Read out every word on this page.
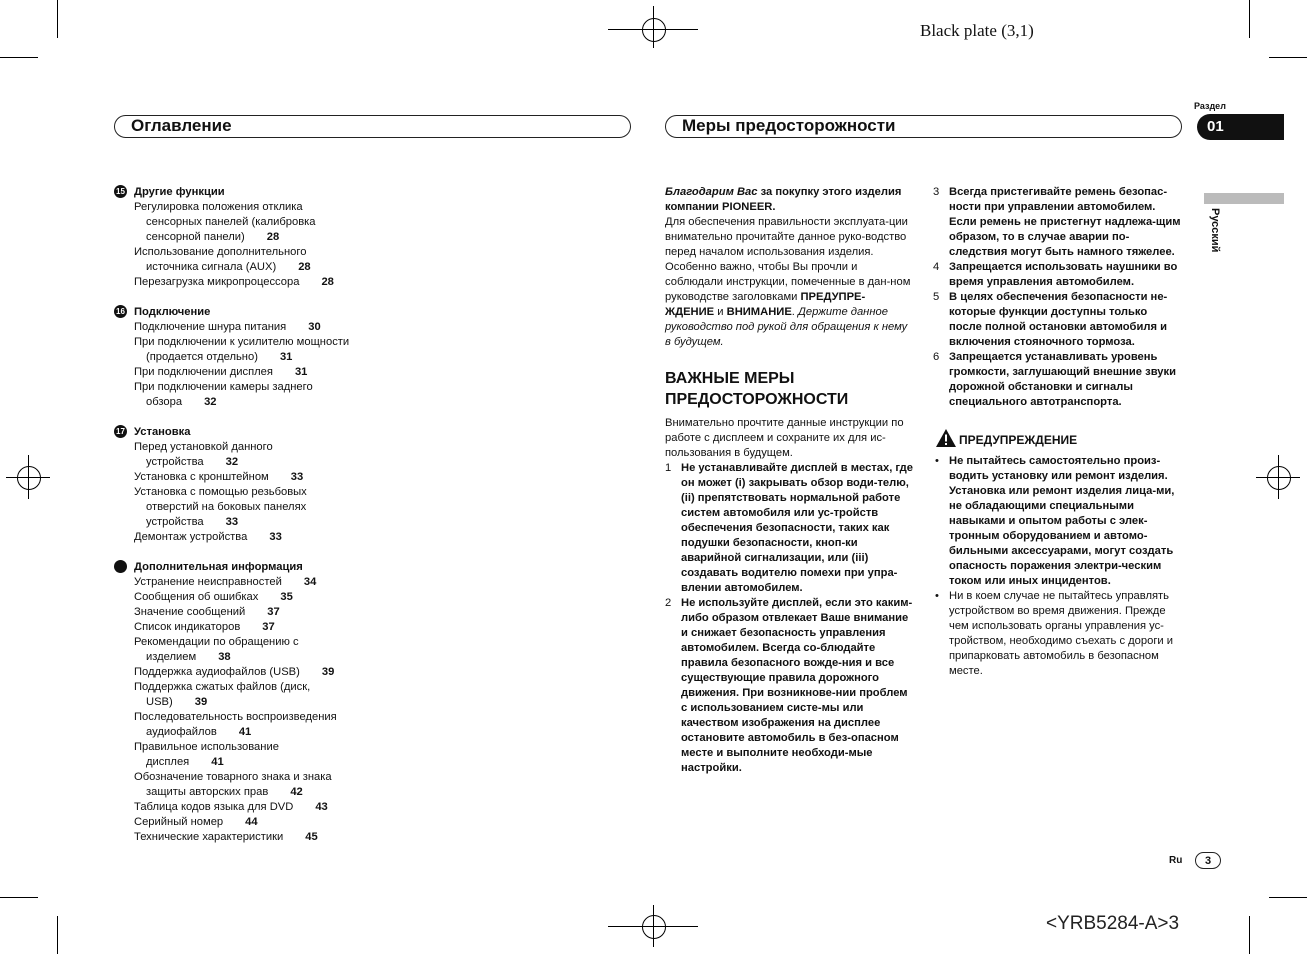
Black plate (3,1)
Оглавление	Меры предосторожности
Раздел
01
Русский
15 Другие функции
Регулировка положения отклика
сенсорных панелей (калибровка
сенсорной панели) 28
Использование дополнительного
источника сигнала (AUX) 28
Перезагрузка микропроцессора 28
16 Подключение
Подключение шнура питания 30
При подключении к усилителю мощности
(продается отдельно) 31
При подключении дисплея 31
При подключении камеры заднего
обзора 32
17 Установка
Перед установкой данного
устройства 32
Установка с кронштейном 33
Установка с помощью резьбовых
отверстий на боковых панелях
устройства 33
Демонтаж устройства 33
Дополнительная информация
Устранение неисправностей 34
Сообщения об ошибках 35
Значение сообщений 37
Список индикаторов 37
Рекомендации по обращению с
изделием 38
Поддержка аудиофайлов (USB) 39
Поддержка сжатых файлов (диск,
USB) 39
Последовательность воспроизведения
аудиофайлов 41
Правильное использование
дисплея 41
Обозначение товарного знака и знака
защиты авторских прав 42
Таблица кодов языка для DVD 43
Серийный номер 44
Технические характеристики 45

Благодарим Вас за покупку этого изделия компании PIONEER.

Для обеспечения правильности эксплуата-ции внимательно прочитайте данное руко-водство перед началом использования изделия. Особенно важно, чтобы Вы прочли и соблюдали инструкции, помеченные в дан-ном руководстве заголовками ПРЕДУПРЕ-ЖДЕНИЕ и ВНИМАНИЕ. Держите данное руководство под рукой для обращения к нему в будущем.

ВАЖНЫЕ МЕРЫ ПРЕДОСТОРОЖНОСТИ

Внимательно прочтите данные инструкции по работе с дисплеем и сохраните их для ис-пользования в будущем.

1 Не устанавливайте дисплей в местах, где он может (i) закрывать обзор води-телю, (ii) препятствовать нормальной работе систем автомобиля или ус-тройств обеспечения безопасности, таких как подушки безопасности, кноп-ки аварийной сигнализации, или (iii) создавать водителю помехи при упра-влении автомобилем.
2 Не используйте дисплей, если это каким-либо образом отвлекает Ваше внимание и снижает безопасность управления автомобилем. Всегда со-блюдайте правила безопасного вожде-ния и все существующие правила дорожного движения. При возникнове-нии проблем с использованием систе-мы или качеством изображения на дисплее остановите автомобиль в без-опасном месте и выполните необходи-мые настройки.
3 Всегда пристегивайте ремень безопас-ности при управлении автомобилем. Если ремень не пристегнут надлежа-щим образом, то в случае аварии по-следствия могут быть намного тяжелее.
4 Запрещается использовать наушники во время управления автомобилем.
5 В целях обеспечения безопасности не-которые функции доступны только после полной остановки автомобиля и включения стояночного тормоза.
6 Запрещается устанавливать уровень громкости, заглушающий внешние звуки дорожной обстановки и сигналы специального автотранспорта.
ПРЕДУПРЕЖДЕНИЕ
• Не пытайтесь самостоятельно произ-водить установку или ремонт изделия. Установка или ремонт изделия лица-ми, не обладающими специальными навыками и опытом работы с элек-тронным оборудованием и автомо-бильными аксессуарами, могут создать опасность поражения электри-ческим током или иных инцидентов.
• Ни в коем случае не пытайтесь управлять устройством во время движения. Прежде чем использовать органы управления ус-тройством, необходимо съехать с дороги и припарковать автомобиль в безопасном месте.
Ru	3
<YRB5284-A>3
